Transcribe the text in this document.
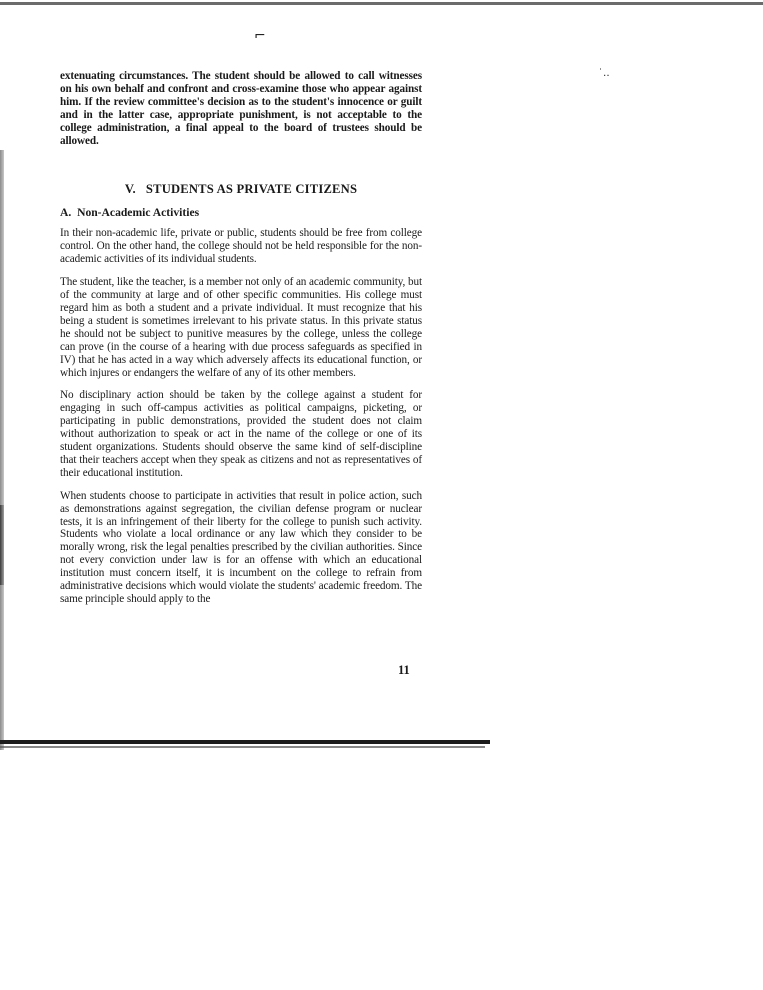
⌐
˙‥

extenuating circumstances. The student should be allowed to call witnesses on his own behalf and confront and cross-examine those who appear against him. If the review committee's decision as to the student's innocence or guilt and in the latter case, appropriate punishment, is not acceptable to the college administration, a final appeal to the board of trustees should be allowed.

V.   STUDENTS AS PRIVATE CITIZENS
A.  Non-Academic Activities

In their non-academic life, private or public, students should be free from college control. On the other hand, the college should not be held responsible for the non-academic activities of its individual students.

The student, like the teacher, is a member not only of an academic community, but of the community at large and of other specific communities. His college must regard him as both a student and a private individual. It must recognize that his being a student is sometimes irrelevant to his private status. In this private status he should not be subject to punitive measures by the college, unless the college can prove (in the course of a hearing with due process safeguards as specified in IV) that he has acted in a way which adversely affects its educational function, or which injures or endangers the welfare of any of its other members.

No disciplinary action should be taken by the college against a student for engaging in such off-campus activities as political campaigns, picketing, or participating in public demonstrations, provided the student does not claim without authorization to speak or act in the name of the college or one of its student organizations. Students should observe the same kind of self-discipline that their teachers accept when they speak as citizens and not as representatives of their educational institution.

When students choose to participate in activities that result in police action, such as demonstrations against segregation, the civilian defense program or nuclear tests, it is an infringement of their liberty for the college to punish such activity. Students who violate a local ordinance or any law which they consider to be morally wrong, risk the legal penalties prescribed by the civilian authorities. Since not every conviction under law is for an offense with which an educational institution must concern itself, it is incumbent on the college to refrain from administrative decisions which would violate the students' academic freedom. The same principle should apply to the

11
